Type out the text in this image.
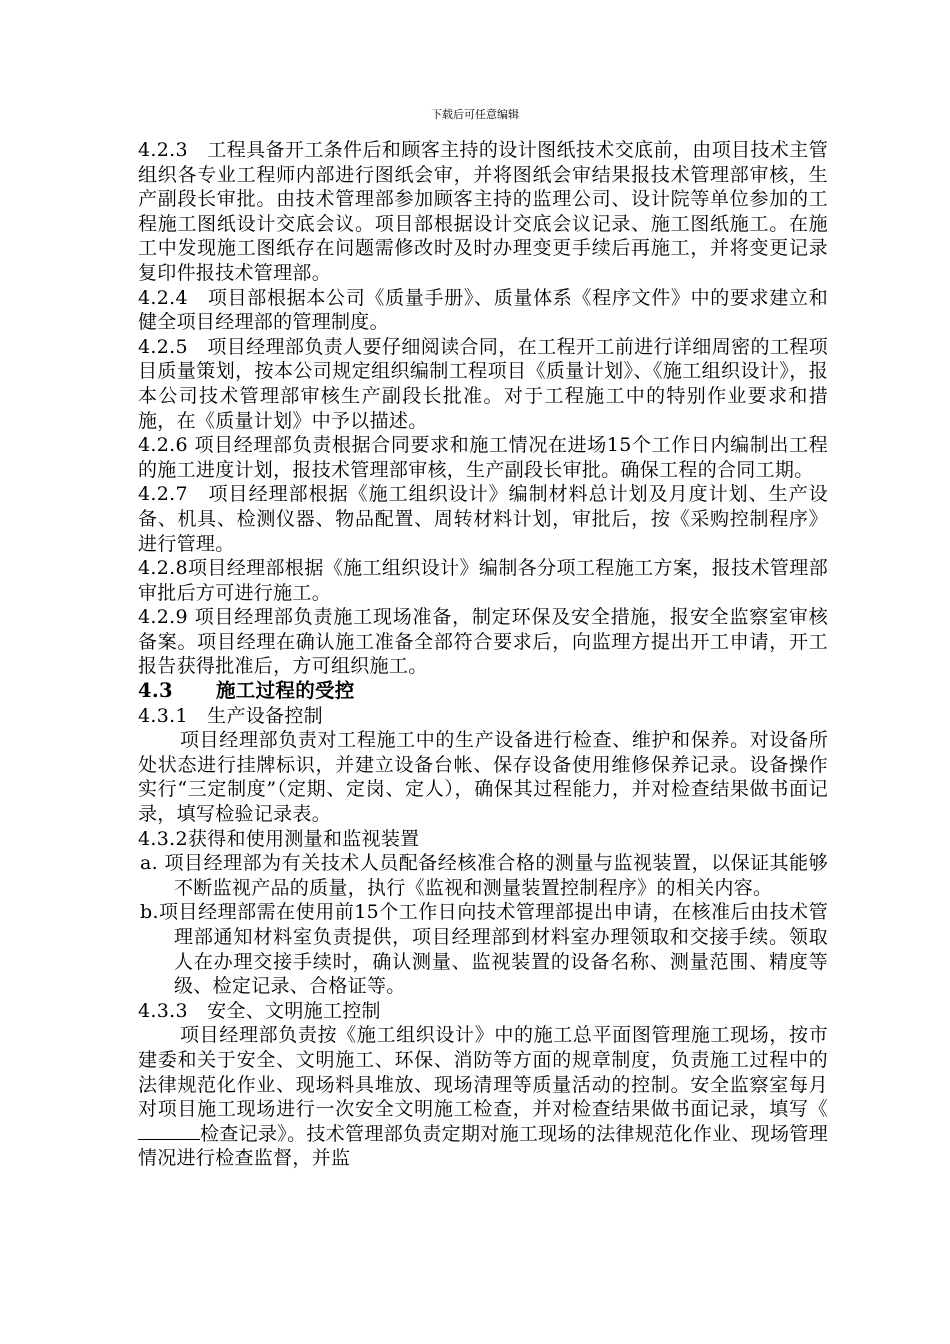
下载后可任意编辑

4.2.3　工程具备开工条件后和顾客主持的设计图纸技术交底前，由项目技术主管组织各专业工程师内部进行图纸会审，并将图纸会审结果报技术管理部审核，生产副段长审批。由技术管理部参加顾客主持的监理公司、设计院等单位参加的工程施工图纸设计交底会议。项目部根据设计交底会议记录、施工图纸施工。在施工中发现施工图纸存在问题需修改时及时办理变更手续后再施工，并将变更记录复印件报技术管理部。

4.2.4　项目部根据本公司《质量手册》、质量体系《程序文件》中的要求建立和健全项目经理部的管理制度。

4.2.5　项目经理部负责人要仔细阅读合同，在工程开工前进行详细周密的工程项目质量策划，按本公司规定组织编制工程项目《质量计划》、《施工组织设计》，报本公司技术管理部审核生产副段长批准。对于工程施工中的特别作业要求和措施，在《质量计划》中予以描述。

4.2.6 项目经理部负责根据合同要求和施工情况在进场15个工作日内编制出工程的施工进度计划，报技术管理部审核，生产副段长审批。确保工程的合同工期。

4.2.7　项目经理部根据《施工组织设计》编制材料总计划及月度计划、生产设备、机具、检测仪器、物品配置、周转材料计划，审批后，按《采购控制程序》进行管理。

4.2.8项目经理部根据《施工组织设计》编制各分项工程施工方案，报技术管理部审批后方可进行施工。

4.2.9 项目经理部负责施工现场准备，制定环保及安全措施，报安全监察室审核备案。项目经理在确认施工准备全部符合要求后，向监理方提出开工申请，开工报告获得批准后，方可组织施工。

4.3 施工过程的受控

4.3.1　生产设备控制

项目经理部负责对工程施工中的生产设备进行检查、维护和保养。对设备所处状态进行挂牌标识，并建立设备台帐、保存设备使用维修保养记录。设备操作实行“三定制度”（定期、定岗、定人），确保其过程能力，并对检查结果做书面记录，填写检验记录表。

4.3.2获得和使用测量和监视装置

a. 项目经理部为有关技术人员配备经核准合格的测量与监视装置，以保证其能够不断监视产品的质量，执行《监视和测量装置控制程序》的相关内容。

b.项目经理部需在使用前15个工作日向技术管理部提出申请，在核准后由技术管理部通知材料室负责提供，项目经理部到材料室办理领取和交接手续。领取人在办理交接手续时，确认测量、监视装置的设备名称、测量范围、精度等级、检定记录、合格证等。

4.3.3　安全、文明施工控制

项目经理部负责按《施工组织设计》中的施工总平面图管理施工现场，按市建委和关于安全、文明施工、环保、消防等方面的规章制度，负责施工过程中的法律规范化作业、现场料具堆放、现场清理等质量活动的控制。安全监察室每月对项目施工现场进行一次安全文明施工检查，并对检查结果做书面记录，填写《检查记录》。技术管理部负责定期对施工现场的法律规范化作业、现场管理情况进行检查监督，并监
